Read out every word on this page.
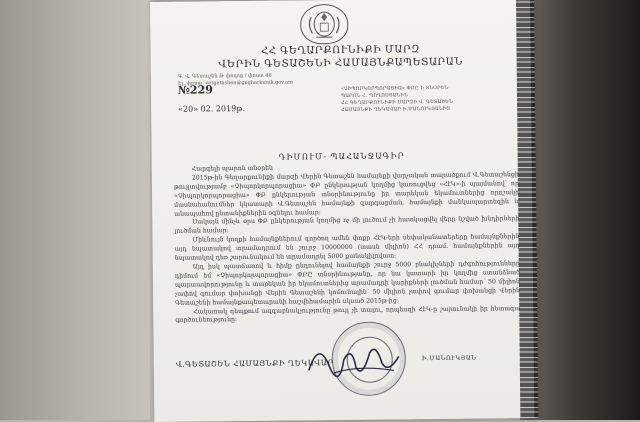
ՀՀ ԳԵՂԱՐՔՈՒՆԻՔԻ ՄԱՐԶ
ՎԵՐԻՆ ԳԵՏԱՇԵՆԻ ՀԱՄԱՅՆՔԱՊԵՏԱՐԱՆ
Գ. Վ. Գետաշեն Թ փողոց / փոստ 46
Էլ. փոստ՝ vetgetashen@gegharkunik.gov.am
№229
«20» 02. 2019թ.
«ՉԻՊՈՐԿՈՐՊՈՐԱՑԻԱ» ՓԲԸ Ի ՏՆՕՐԵՆ
ՊԱՐՈՆ Հ. ՊՈՂՈՍՅԱՆԻՆ
ՀՀ ԳԵՂԱՐՔՈՒՆԻՔԻ ՄԱՐԶԻ Վ. ԳԵՏԱՇԵՆ
ՀԱՄԱՅՆՔԻ ՂԵԿԱՎԱՐ Ի.ՄԱՆՈՒԿՅԱՆԻՑ
ԴԻՄՈՒՄ- ՊԱՀԱՆՋԱԳԻՐ

Հարգելի պարոն տնօրեն

2015թ-ին Գեղարքունիքի մարզի Վերին Գետաշեն համայնքի վարչական տարածքում Վ.Գետաշենցի թույլտվությամբ «Չիպորկորպորացիա» ՓԲ ընկերության կողմից կառուցվեց «ՀէԿ»-ի պայմանով՝ որ «Չիպորկորպորացիա» ՓԲ ընկերության տնօրինությունը իր տարեկան եկամուտներից որոշակի մասնահանումներ կկատարի Վ.Գետաշեն համայնքի զարգացման, համայնքի մանկապարտեզին և անապահով ընտանիքներին օգնելու համար:

Սակայն մինչև օրս ՓԲ ընկերության կողմից ոչ մի լուծում չի հատկացվել վերը նշված խնդիրների լուծման համար:

Միևնույն կողքի համայնքներում գործող ամեն փոքր ՀէԿ-երի սեփականատերերը համայնքներին այդ նպատակով տրամադրում են շուրջ 10000000 (տասն միլիոն) ՀՀ դրամ. համայնքներին այդ նպատակով դեռ շարունակում են տրամադրել 5000 քանակիլովատ:

Այդ իսկ պատճառով և հիմք ընդունելով համայնքի շուրջ 5000 բնակիչների դժգոհությունները դիմում եմ «Չիպորկորպորացիա» ՓԲԸ տնօրինությանը, որ նա կատարի իր կողմից ստանձնած պարտավորությունը և տարեկան իր եկամուտներից տրամադրի կարիքների լուծման համար՝ 50 միլիոն չափով գումար փոխանցի Վերին Գետաշենի կոմունալին՝ 50 միլիոն չափով գումար փոխանցի Վերին Գետաշենի համայնքապետարանի հաշվեհամարին սկսած 2015թ-ից:

Հակառակ դեպքում ազգաբնակչությունը թույլ չի տալու, որպեսզի ՀէԿ-ը շարունակի իր հետագա գործունեությունը:

Վ.ԳԵՏԱՇԵՆ ՀԱՄԱՅՆՔԻ ՂԵԿԱՎԱՐ	Ի.ՄԱՆՈՒԿՅԱՆ
